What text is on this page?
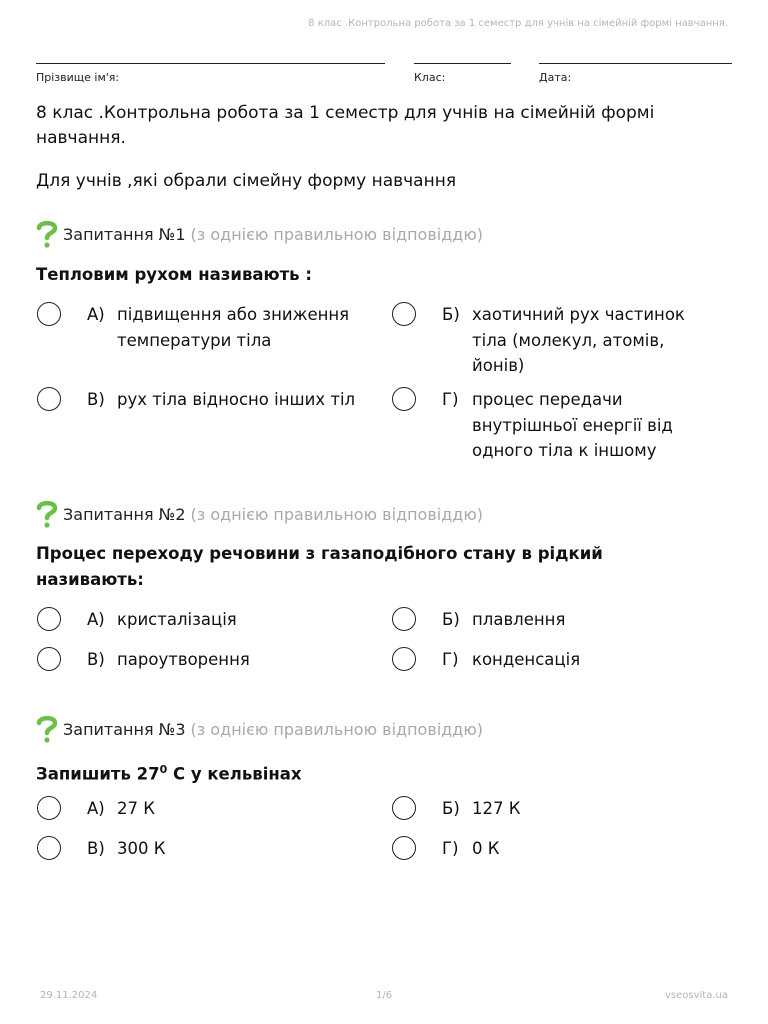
8 клас .Контрольна робота за 1 семестр для учнів на сімейній формі навчання.
Прізвище ім'я:	Клас:	Дата:
8 клас .Контрольна робота за 1 семестр для учнів на сімейній формі навчання.
Для учнів ,які обрали сімейну форму навчання
Запитання №1 (з однією правильною відповіддю)
Тепловим рухом називають :
А) підвищення або зниження температури тіла
Б) хаотичний рух частинок тіла (молекул, атомів, йонів)
В) рух тіла відносно інших тіл	Г) процес передачи внутрішньої енергії від одного тіла к іншому
Запитання №2 (з однією правильною відповіддю)
Процес переходу речовини з газаподібного стану в рідкий називають:
А) кристалізація	Б) плавлення
В) пароутворення	Г) конденсація
Запитання №3 (з однією правильною відповіддю)
Запишить $27^0$ С у кельвінах
А) 27 К	Б) 127 К
В) 300 К	Г) 0 К
29.11.2024	1/6	vseosvita.ua
